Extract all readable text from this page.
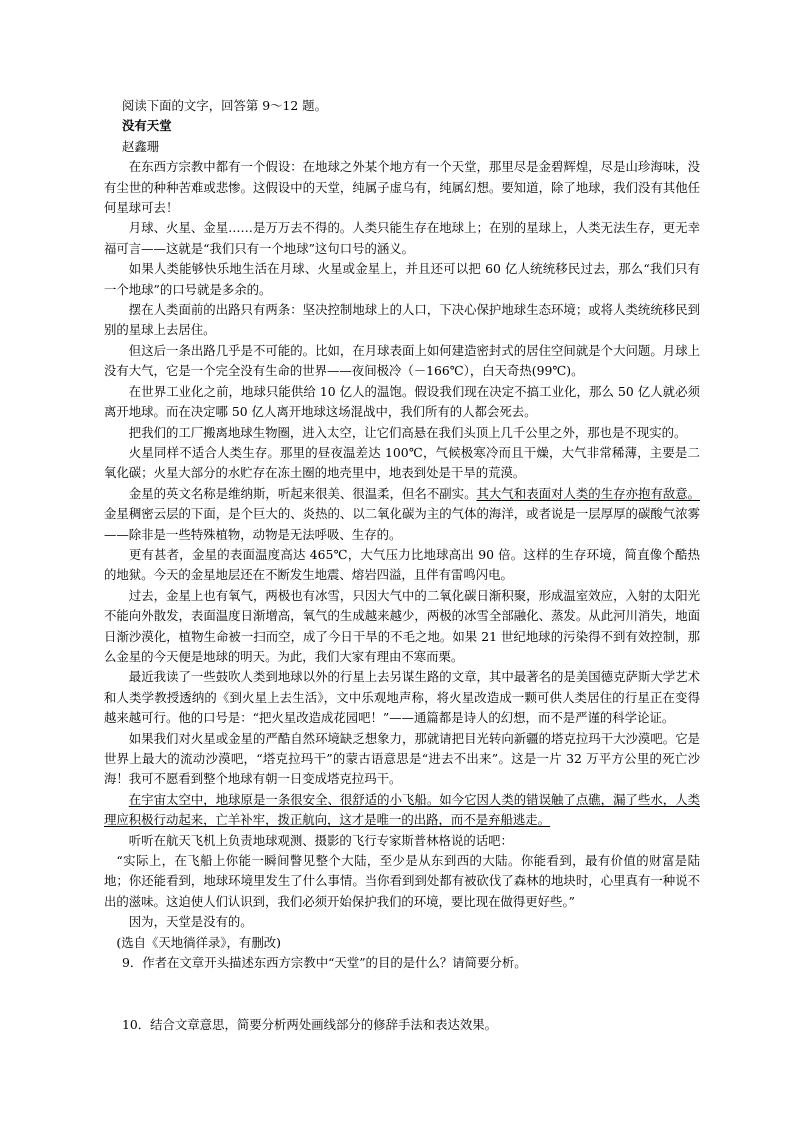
阅读下面的文字，回答第 9～12 题。

没有天堂

赵鑫珊

在东西方宗教中都有一个假设：在地球之外某个地方有一个天堂，那里尽是金碧辉煌，尽是山珍海味，没有尘世的种种苦难或悲惨。这假设中的天堂，纯属子虚乌有，纯属幻想。要知道，除了地球，我们没有其他任何星球可去！

月球、火星、金星……是万万去不得的。人类只能生存在地球上；在别的星球上，人类无法生存，更无幸福可言——这就是“我们只有一个地球”这句口号的涵义。

如果人类能够快乐地生活在月球、火星或金星上，并且还可以把 60 亿人统统移民过去，那么“我们只有一个地球”的口号就是多余的。

摆在人类面前的出路只有两条：坚决控制地球上的人口，下决心保护地球生态环境；或将人类统统移民到别的星球上去居住。

但这后一条出路几乎是不可能的。比如，在月球表面上如何建造密封式的居住空间就是个大问题。月球上没有大气，它是一个完全没有生命的世界——夜间极冷（－166℃），白天奇热(99℃)。

在世界工业化之前，地球只能供给 10 亿人的温饱。假设我们现在决定不搞工业化，那么 50 亿人就必须离开地球。而在决定哪 50 亿人离开地球这场混战中，我们所有的人都会死去。

把我们的工厂搬离地球生物圈，进入太空，让它们高悬在我们头顶上几千公里之外，那也是不现实的。

火星同样不适合人类生存。那里的昼夜温差达 100℃，气候极寒冷而且干燥，大气非常稀薄，主要是二氧化碳；火星大部分的水贮存在冻土圈的地壳里中，地表到处是干旱的荒漠。

金星的英文名称是维纳斯，听起来很美、很温柔，但名不副实。其大气和表面对人类的生存亦抱有敌意。金星稠密云层的下面，是个巨大的、炎热的、以二氧化碳为主的气体的海洋，或者说是一层厚厚的碳酸气浓雾——除非是一些特殊植物，动物是无法呼吸、生存的。

更有甚者，金星的表面温度高达 465℃，大气压力比地球高出 90 倍。这样的生存环境，简直像个酷热的地狱。今天的金星地层还在不断发生地震、熔岩四溢，且伴有雷鸣闪电。

过去，金星上也有氧气，两极也有冰雪，只因大气中的二氧化碳日渐积聚，形成温室效应，入射的太阳光不能向外散发，表面温度日渐增高，氧气的生成越来越少，两极的冰雪全部融化、蒸发。从此河川消失，地面日渐沙漠化，植物生命被一扫而空，成了今日干旱的不毛之地。如果 21 世纪地球的污染得不到有效控制，那么金星的今天便是地球的明天。为此，我们大家有理由不寒而栗。

最近我读了一些鼓吹人类到地球以外的行星上去另谋生路的文章，其中最著名的是美国德克萨斯大学艺术和人类学教授透纳的《到火星上去生活》，文中乐观地声称，将火星改造成一颗可供人类居住的行星正在变得越来越可行。他的口号是：“把火星改造成花园吧！”——通篇都是诗人的幻想，而不是严谨的科学论证。

如果我们对火星或金星的严酷自然环境缺乏想象力，那就请把目光转向新疆的塔克拉玛干大沙漠吧。它是世界上最大的流动沙漠吧，“塔克拉玛干”的蒙古语意思是“进去不出来”。这是一片 32 万平方公里的死亡沙海！我可不愿看到整个地球有朝一日变成塔克拉玛干。

在宇宙太空中，地球原是一条很安全、很舒适的小飞船。如今它因人类的错误触了点礁，漏了些水，人类理应积极行动起来，亡羊补牢，拨正航向，这才是唯一的出路，而不是弃船逃走。

听听在航天飞机上负责地球观测、摄影的飞行专家斯普林格说的话吧：

“实际上，在飞船上你能一瞬间瞥见整个大陆，至少是从东到西的大陆。你能看到，最有价值的财富是陆地；你还能看到，地球环境里发生了什么事情。当你看到到处都有被砍伐了森林的地块时，心里真有一种说不出的滋味。这迫使人们认识到，我们必须开始保护我们的环境，要比现在做得更好些。”

因为，天堂是没有的。

(选自《天地徜徉录》，有删改)

9．作者在文章开头描述东西方宗教中“天堂”的目的是什么？请简要分析。

10．结合文章意思，简要分析两处画线部分的修辞手法和表达效果。
